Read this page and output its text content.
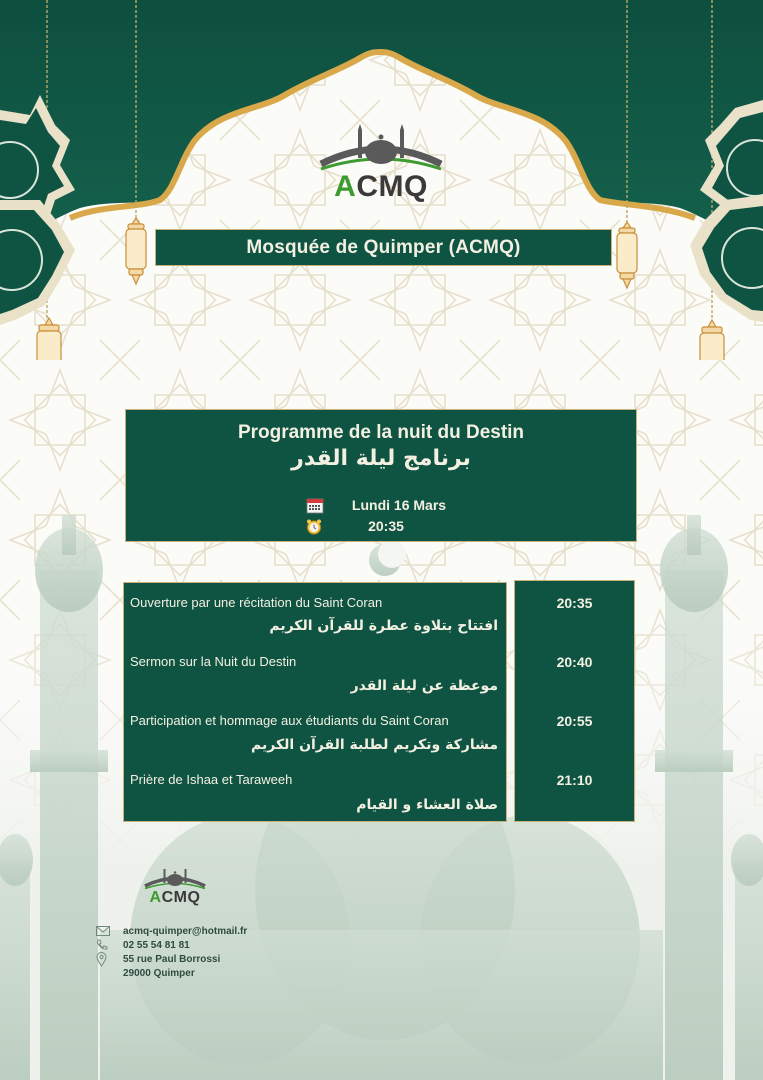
ACMQ
Mosquée de Quimper (ACMQ)
Programme de la nuit du Destin
برنامج ليلة القدر
Lundi 16 Mars
20:35
Ouverture par une récitation du Saint Coran
افتتاح بتلاوة عطرة للقرآن الكريم
Sermon sur la Nuit du Destin
موعظة عن ليلة القدر
Participation et hommage aux étudiants du Saint Coran
مشاركة وتكريم لطلبة القرآن الكريم
Prière de Ishaa et Taraweeh
صلاة العشاء و القيام
20:35
20:40
20:55
21:10
ACMQ
acmq-quimper@hotmail.fr
02 55 54 81 81
55 rue Paul Borrossi
29000 Quimper
